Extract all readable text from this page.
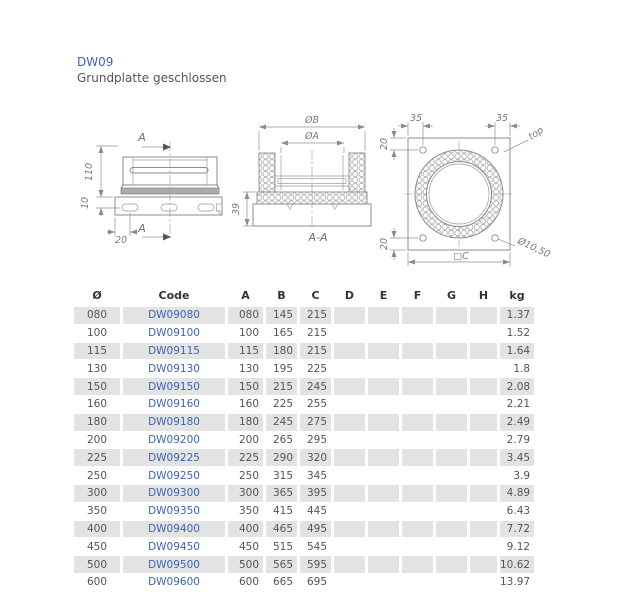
DW09
Grundplatte geschlossen
A
A
110
10
20
ØB
ØA
39
A-A
35	35
20
20
top
Ø10,50
□C
Ø	Code	A	B	C	D	E	F	G	H	kg
080	DW09080	080	145	215						1.37
100	DW09100	100	165	215						1.52
115	DW09115	115	180	215						1.64
130	DW09130	130	195	225						1.8
150	DW09150	150	215	245						2.08
160	DW09160	160	225	255						2.21
180	DW09180	180	245	275						2.49
200	DW09200	200	265	295						2.79
225	DW09225	225	290	320						3.45
250	DW09250	250	315	345						3.9
300	DW09300	300	365	395						4.89
350	DW09350	350	415	445						6.43
400	DW09400	400	465	495						7.72
450	DW09450	450	515	545						9.12
500	DW09500	500	565	595						10.62
600	DW09600	600	665	695						13.97
